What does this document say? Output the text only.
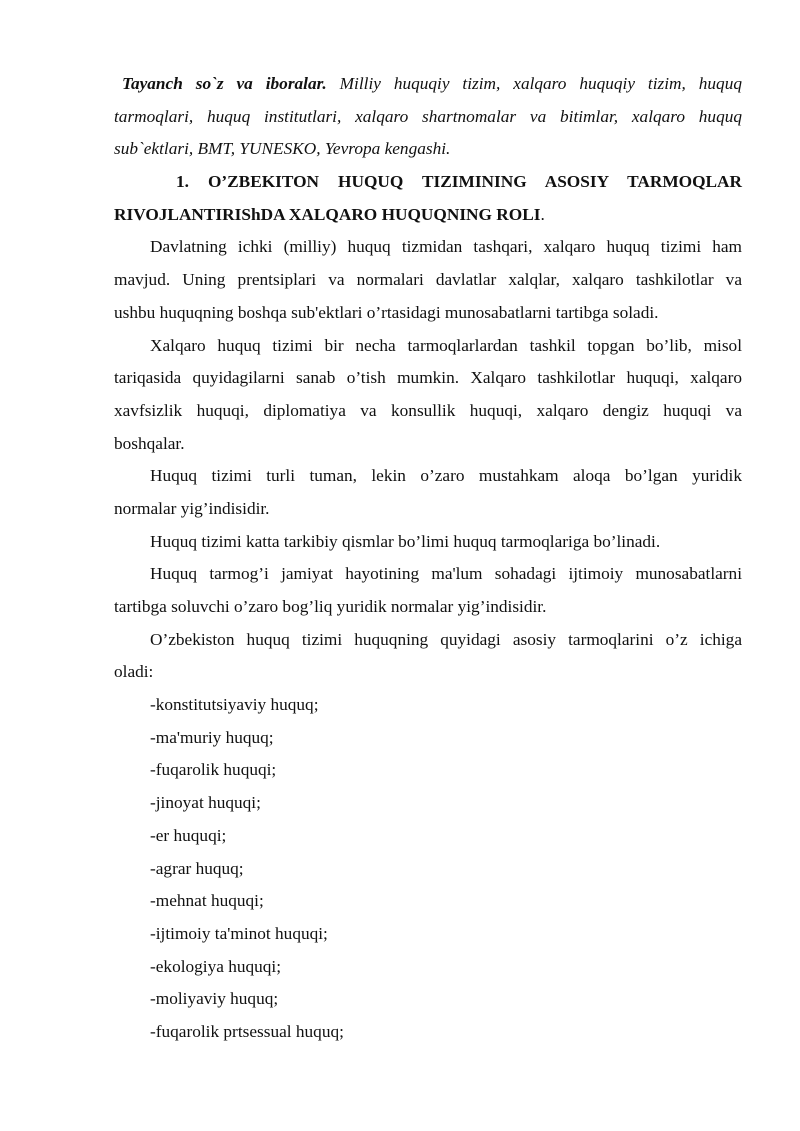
Tayanch so`z va iboralar. Milliy huquqiy tizim, xalqaro huquqiy tizim, huquq
tarmoqlari, huquq institutlari, xalqaro shartnomalar va bitimlar, xalqaro huquq
sub`ektlari, BMT, YUNESKO, Yevropa kengashi.
1. O’ZBEKITON HUQUQ TIZIMINING ASOSIY TARMOQLAR
RIVOJLANTIRIShDA XALQARO HUQUQNING ROLI.
Davlatning ichki (milliy) huquq tizmidan tashqari, xalqaro huquq tizimi ham
mavjud. Uning prentsiplari va normalari davlatlar xalqlar, xalqaro tashkilotlar va
ushbu huquqning boshqa sub'ektlari o’rtasidagi munosabatlarni tartibga soladi.
Xalqaro huquq tizimi bir necha tarmoqlarlardan tashkil topgan bo’lib, misol
tariqasida quyidagilarni sanab o’tish mumkin. Xalqaro tashkilotlar huquqi, xalqaro
xavfsizlik huquqi, diplomatiya va konsullik huquqi, xalqaro dengiz huquqi va
boshqalar.
Huquq tizimi turli tuman, lekin o’zaro mustahkam aloqa bo’lgan yuridik
normalar yig’indisidir.
Huquq tizimi katta tarkibiy qismlar bo’limi huquq tarmoqlariga bo’linadi.
Huquq tarmog’i jamiyat hayotining ma'lum sohadagi ijtimoiy munosabatlarni
tartibga soluvchi o’zaro bog’liq yuridik normalar yig’indisidir.
O’zbekiston huquq tizimi huquqning quyidagi asosiy tarmoqlarini o’z ichiga
oladi:
-konstitutsiyaviy huquq;
-ma'muriy huquq;
-fuqarolik huquqi;
-jinoyat huquqi;
-er huquqi;
-agrar huquq;
-mehnat huquqi;
-ijtimoiy ta'minot huquqi;
-ekologiya huquqi;
-moliyaviy huquq;
-fuqarolik prtsessual huquq;
